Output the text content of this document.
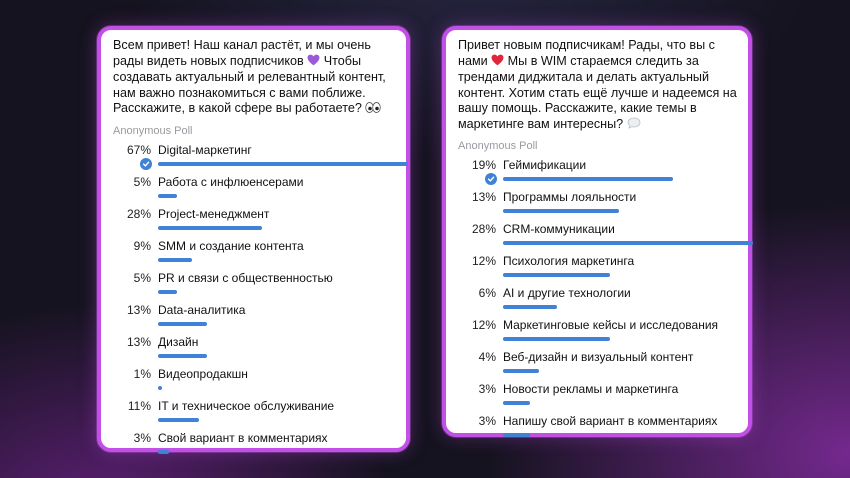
Всем привет! Наш канал растёт, и мы очень
рады видеть новых подписчиков  Чтобы
создавать актуальный и релевантный контент,
нам важно познакомиться с вами поближе.
Расскажите, в какой сфере вы работаете?
Anonymous Poll
67% Digital-маркетинг
5% Работа с инфлюенсерами
28% Project-менеджмент
9% SMM и создание контента
5% PR и связи с общественностью
13% Data-аналитика
13% Дизайн
1% Видеопродакшн
11% IT и техническое обслуживание
3% Свой вариант в комментариях
Привет новым подписчикам! Рады, что вы с
нами  Мы в WIM стараемся следить за
трендами диджитала и делать актуальный
контент. Хотим стать ещё лучше и надеемся на
вашу помощь. Расскажите, какие темы в
маркетинге вам интересны?
Anonymous Poll
19% Геймификации
13% Программы лояльности
28% CRM-коммуникации
12% Психология маркетинга
6% AI и другие технологии
12% Маркетинговые кейсы и исследования
4% Веб-дизайн и визуальный контент
3% Новости рекламы и маркетинга
3% Напишу свой вариант в комментариях
